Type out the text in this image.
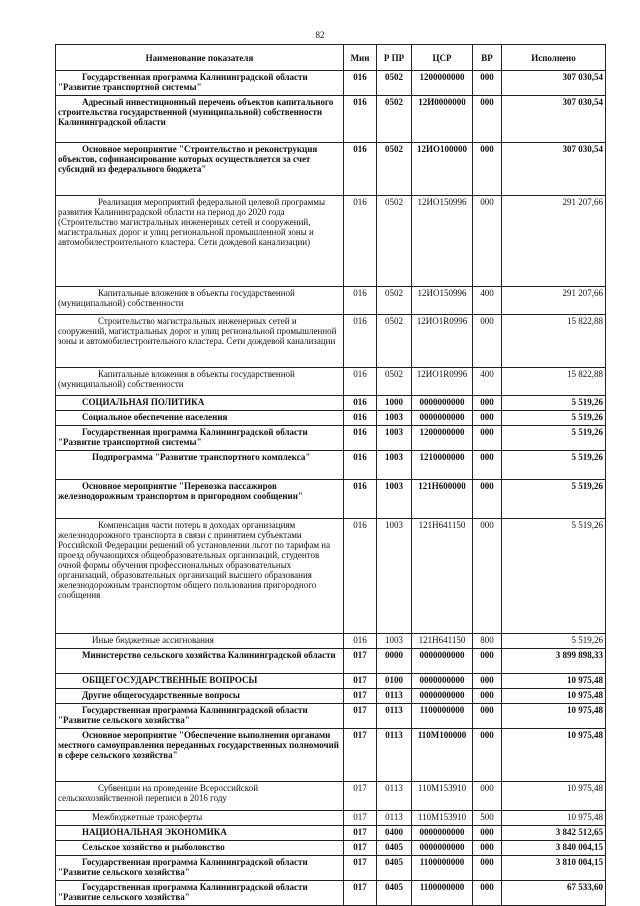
82
Наименование показателя	Мин	Р ПР	ЦСР	ВР	Исполнено
Государственная программа Калининградской области "Развитие транспортной системы"	016	0502	1200000000	000	307 030,54
Адресный инвестиционный перечень объектов капитального строительства государственной (муниципальной) собственности Калининградской области	016	0502	12И0000000	000	307 030,54
Основное мероприятие "Строительство и реконструкция объектов, софинансирование которых осуществляется за счет субсидий из федерального бюджета"	016	0502	12ИО100000	000	307 030,54
Реализация мероприятий федеральной целевой программы развития Калининградской области на период до 2020 года (Строительство магистральных инженерных сетей и сооружений, магистральных дорог и улиц региональной промышленной зоны и автомобилестроительного кластера. Сети дождевой канализации)	016	0502	12ИО150996	000	291 207,66
Капитальные вложения в объекты государственной (муниципальной) собственности	016	0502	12ИО150996	400	291 207,66
Строительство магистральных инженерных сетей и сооружений, магистральных дорог и улиц региональной промышленной зоны и автомобилестроительного кластера. Сети дождевой канализации	016	0502	12ИО1R0996	000	15 822,88
Капитальные вложения в объекты государственной (муниципальной) собственности	016	0502	12ИО1R0996	400	15 822,88
СОЦИАЛЬНАЯ ПОЛИТИКА	016	1000	0000000000	000	5 519,26
Социальное обеспечение населения	016	1003	0000000000	000	5 519,26
Государственная программа Калининградской области "Развитие транспортной системы"	016	1003	1200000000	000	5 519,26
Подпрограмма "Развитие транспортного комплекса"	016	1003	1210000000	000	5 519,26
Основное мероприятие "Перевозка пассажиров железнодорожным транспортом в пригородном сообщении"	016	1003	121Н600000	000	5 519,26
Компенсация части потерь в доходах организациям железнодорожного транспорта в связи с принятием субъектами Российской Федерации решений об установлении льгот по тарифам на проезд обучающихся общеобразовательных организаций, студентов очной формы обучения профессиональных образовательных организаций, образовательных организаций высшего образования железнодорожным транспортом общего пользования пригородного сообщения	016	1003	121Н641150	000	5 519,26
Иные бюджетные ассигнования	016	1003	121Н641150	800	5 519,26
Министерство сельского хозяйства Калининградской области	017	0000	0000000000	000	3 899 898,33
ОБЩЕГОСУДАРСТВЕННЫЕ ВОПРОСЫ	017	0100	0000000000	000	10 975,48
Другие общегосударственные вопросы	017	0113	0000000000	000	10 975,48
Государственная программа Калининградской области "Развитие сельского хозяйства"	017	0113	1100000000	000	10 975,48
Основное мероприятие "Обеспечение выполнения органами местного самоуправления переданных государственных полномочий в сфере сельского хозяйства"	017	0113	110М100000	000	10 975,48
Субвенции на проведение Всероссийской сельскохозяйственной переписи в 2016 году	017	0113	110М153910	000	10 975,48
Межбюджетные трансферты	017	0113	110М153910	500	10 975,48
НАЦИОНАЛЬНАЯ ЭКОНОМИКА	017	0400	0000000000	000	3 842 512,65
Сельское хозяйство и рыболовство	017	0405	0000000000	000	3 840 004,15
Государственная программа Калининградской области "Развитие сельского хозяйства"	017	0405	1100000000	000	3 810 004,15
Государственная программа Калининградской области "Развитие сельского хозяйства"	017	0405	1100000000	000	67 533,60
